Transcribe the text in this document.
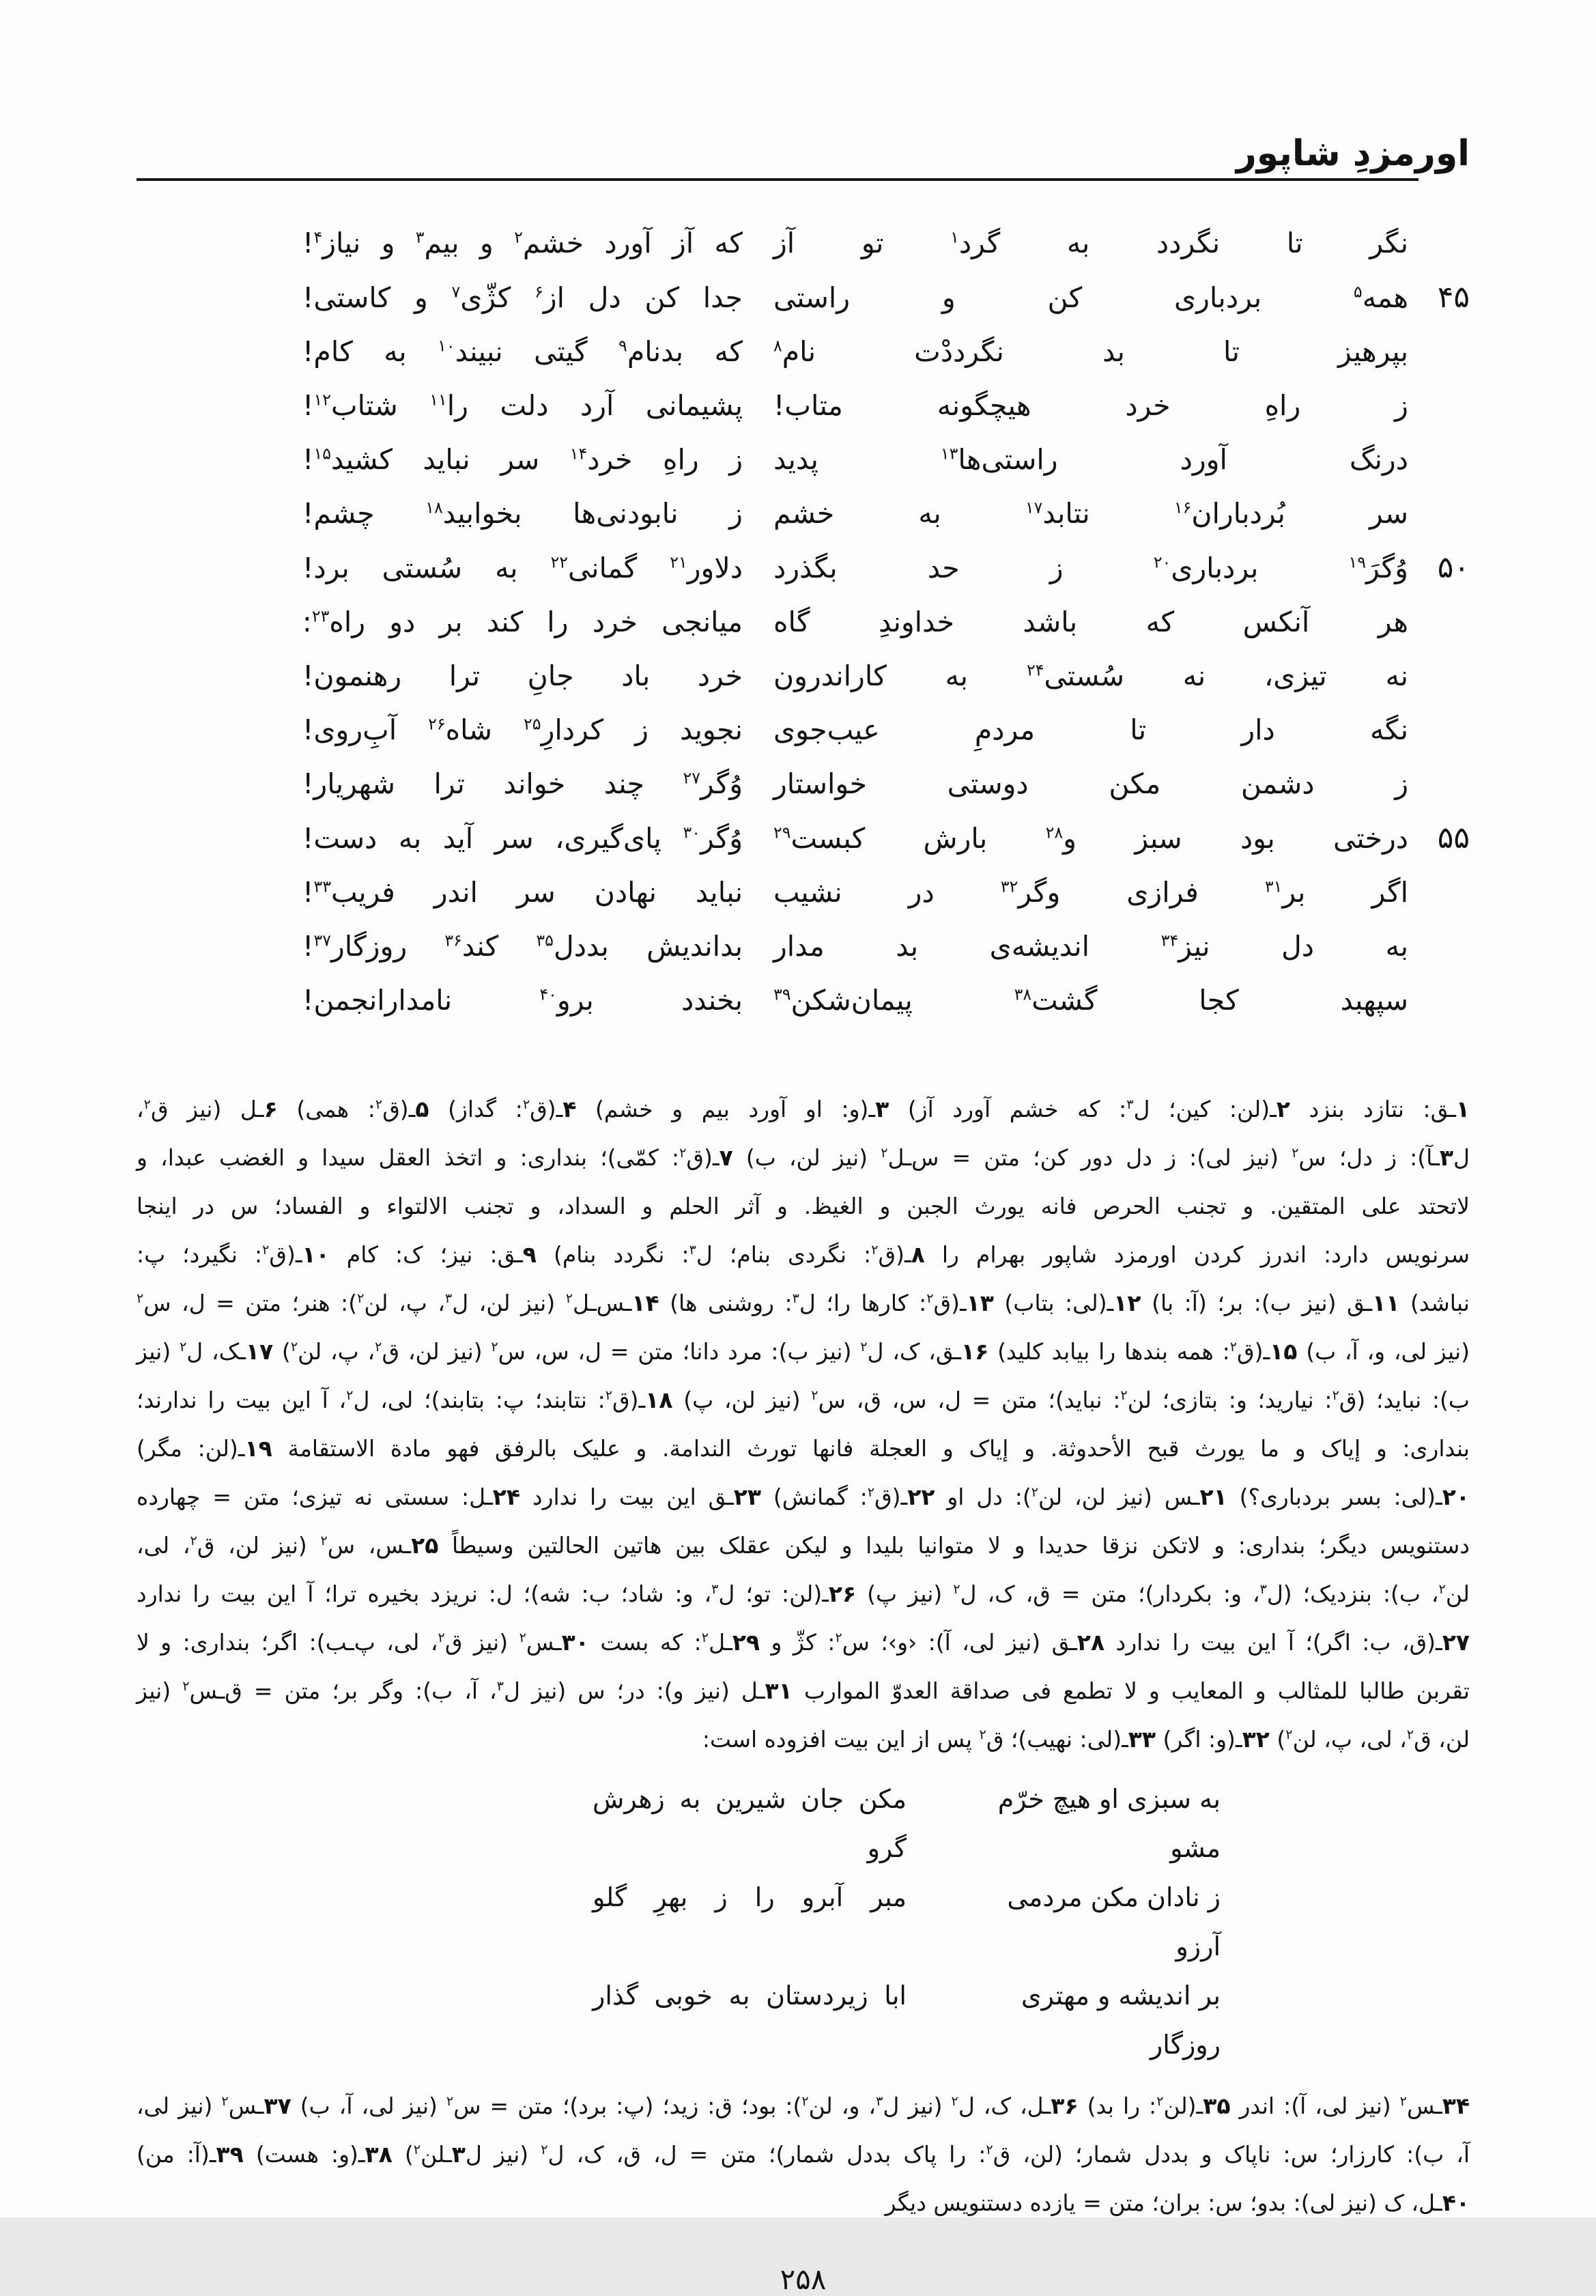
اورمزدِ شاپور
نگر تا نگردد به گرد$^۱$ تو آز
که آز آورد خشم$^۲$ و بیم$^۳$ و نیاز$^۴$!
۴۵
همه$^۵$ بردباری کن و راستی
جدا کن دل از$^۶$ کژّی$^۷$ و کاستی!
بپرهیز تا بد نگرددْت نام$^۸$
که بدنام$^۹$ گیتی نبیند$^{۱۰}$ به کام!
ز راهِ خرد هیچگونه متاب!
پشیمانی آرد دلت را$^{۱۱}$ شتاب$^{۱۲}$!
درنگ آورد راستی‌ها$^{۱۳}$ پدید
ز راهِ خرد$^{۱۴}$ سر نباید کشید$^{۱۵}$!
سر بُردباران$^{۱۶}$ نتابد$^{۱۷}$ به خشم
ز نابودنی‌ها بخوابید$^{۱۸}$ چشم!
۵۰
وُگرَ$^{۱۹}$ بردباری$^{۲۰}$ ز حد بگذرد
دلاور$^{۲۱}$ گمانی$^{۲۲}$ به سُستی برد!
هر آنکس که باشد خداوندِ گاه
میانجی خرد را کند بر دو راه$^{۲۳}$:
نه تیزی، نه سُستی$^{۲۴}$ به کاراندرون
خرد باد جانِ ترا رهنمون!
نگه دار تا مردمِ عیب‌جوی
نجوید ز کردارِ$^{۲۵}$ شاه$^{۲۶}$ آبِ‌روی!
ز دشمن مکن دوستی خواستار
وُگر$^{۲۷}$ چند خواند ترا شهریار!
۵۵
درختی بود سبز و$^{۲۸}$ بارش کبست$^{۲۹}$
وُگر$^{۳۰}$ پای‌گیری، سر آید به دست!
اگر بر$^{۳۱}$ فرازی وگر$^{۳۲}$ در نشیب
نباید نهادن سر اندر فریب$^{۳۳}$!
به دل نیز$^{۳۴}$ اندیشه‌ی بد مدار
بداندیش بددل$^{۳۵}$ کند$^{۳۶}$ روزگار$^{۳۷}$!
سپهبد کجا گشت$^{۳۸}$ پیمان‌شکن$^{۳۹}$
بخندد برو$^{۴۰}$ نامدارانجمن!
۱ـق: نتازد بنزد ۲ـ(لن: کین؛ ل$^۳$: که خشم آورد آز) ۳ـ(و: او آورد بیم و خشم) ۴ـ(ق$^۲$: گداز) ۵ـ(ق$^۲$: همی) ۶ـل (نیز ق$^۲$،
ل۳ـآ): ز دل؛ س$^۲$ (نیز لی): ز دل دور کن؛ متن = س‌ـل$^۲$ (نیز لن، ب) ۷ـ(ق$^۲$: کمّی)؛ بنداری: و اتخذ العقل سیدا و الغضب عبدا، و
لاتحتد علی المتقین. و تجنب الحرص فانه یورث الجبن و الغیظ. و آثر الحلم و السداد، و تجنب الالتواء و الفساد؛ س در اینجا
سرنویس دارد: اندرز کردن اورمزد شاپور بهرام را ۸ـ(ق$^۲$: نگردی بنام؛ ل$^۳$: نگردد بنام) ۹ـق: نیز؛ ک: کام ۱۰ـ(ق$^۲$: نگیرد؛ پ:
نباشد) ۱۱ـق (نیز ب): بر؛ (آ: با) ۱۲ـ(لی: بتاب) ۱۳ـ(ق$^۲$: کارها را؛ ل$^۳$: روشنی ها) ۱۴ـس‌ـل$^۲$ (نیز لن، ل$^۳$، پ، لن$^۲$): هنر؛ متن = ل، س$^۲$
(نیز لی، و، آ، ب) ۱۵ـ(ق$^۲$: همه بندها را بیابد کلید) ۱۶ـق، ک، ل$^۲$ (نیز ب): مرد دانا؛ متن = ل، س، س$^۲$ (نیز لن، ق$^۲$، پ، لن$^۲$) ۱۷ـک، ل$^۲$ (نیز
ب): نباید؛ (ق$^۲$: نیارید؛ و: بتازی؛ لن$^۲$: نباید)؛ متن = ل، س، ق، س$^۲$ (نیز لن، پ) ۱۸ـ(ق$^۲$: نتابند؛ پ: بتابند)؛ لی، ل$^۲$، آ این بیت را ندارند؛
بنداری: و إیاک و ما یورث قبح الأحدوثة. و إیاک و العجلة فانها تورث الندامة. و علیک بالرفق فهو مادة الاستقامة ۱۹ـ(لن: مگر)
۲۰ـ(لی: بسر بردباری؟) ۲۱ـس (نیز لن، لن$^۲$): دل او ۲۲ـ(ق$^۲$: گمانش) ۲۳ـق این بیت را ندارد ۲۴ـل: سستی نه تیزی؛ متن = چهارده
دستنویس دیگر؛ بنداری: و لاتکن نزقا حدیدا و لا متوانیا بلیدا و لیکن عقلک بین هاتین الحالتین وسیطاً ۲۵ـس، س$^۲$ (نیز لن، ق$^۲$، لی،
لن$^۲$، ب): بنزدیک؛ (ل$^۳$، و: بکردار)؛ متن = ق، ک، ل$^۲$ (نیز پ) ۲۶ـ(لن: تو؛ ل$^۳$، و: شاد؛ ب: شه)؛ ل: نریزد بخیره ترا؛ آ این بیت را ندارد
۲۷ـ(ق، ب: اگر)؛ آ این بیت را ندارد ۲۸ـق (نیز لی، آ): ‹و›؛ س$^۲$: کژّ و ۲۹ـل$^۲$: که بست ۳۰ـس$^۲$ (نیز ق$^۲$، لی، پ‌ـب): اگر؛ بنداری: و لا
تقربن طالبا للمثالب و المعایب و لا تطمع فی صداقة العدوّ الموارب ۳۱ـل (نیز و): در؛ س (نیز ل$^۳$، آ، ب): وگر بر؛ متن = ق‌ـس$^۲$ (نیز
لن، ق$^۲$، لی، پ، لن$^۲$) ۳۲ـ(و: اگر) ۳۳ـ(لی: نهیب)؛ ق$^۲$ پس از این بیت افزوده است:
به سبزی او هیچ خرّم مشو
مکن جان شیرین به زهرش گرو
ز نادان مکن مردمی آرزو
مبر آبرو را ز بهرِ گلو
بر اندیشه و مهتری روزگار
ابا زیردستان به خوبی گذار
۳۴ـس$^۲$ (نیز لی، آ): اندر ۳۵ـ(لن$^۲$: را بد) ۳۶ـل، ک، ل$^۲$ (نیز ل$^۳$، و، لن$^۲$): بود؛ ق: زید؛ (پ: برد)؛ متن = س$^۲$ (نیز لی، آ، ب) ۳۷ـس$^۲$ (نیز لی،
آ، ب): کارزار؛ س: ناپاک و بددل شمار؛ (لن، ق$^۲$: را پاک بددل شمار)؛ متن = ل، ق، ک، ل$^۲$ (نیز ل۳ـلن$^۲$) ۳۸ـ(و: هست) ۳۹ـ(آ: من)
۴۰ـل، ک (نیز لی): بدو؛ س: بران؛ متن = یازده دستنویس دیگر
۲۵۸
